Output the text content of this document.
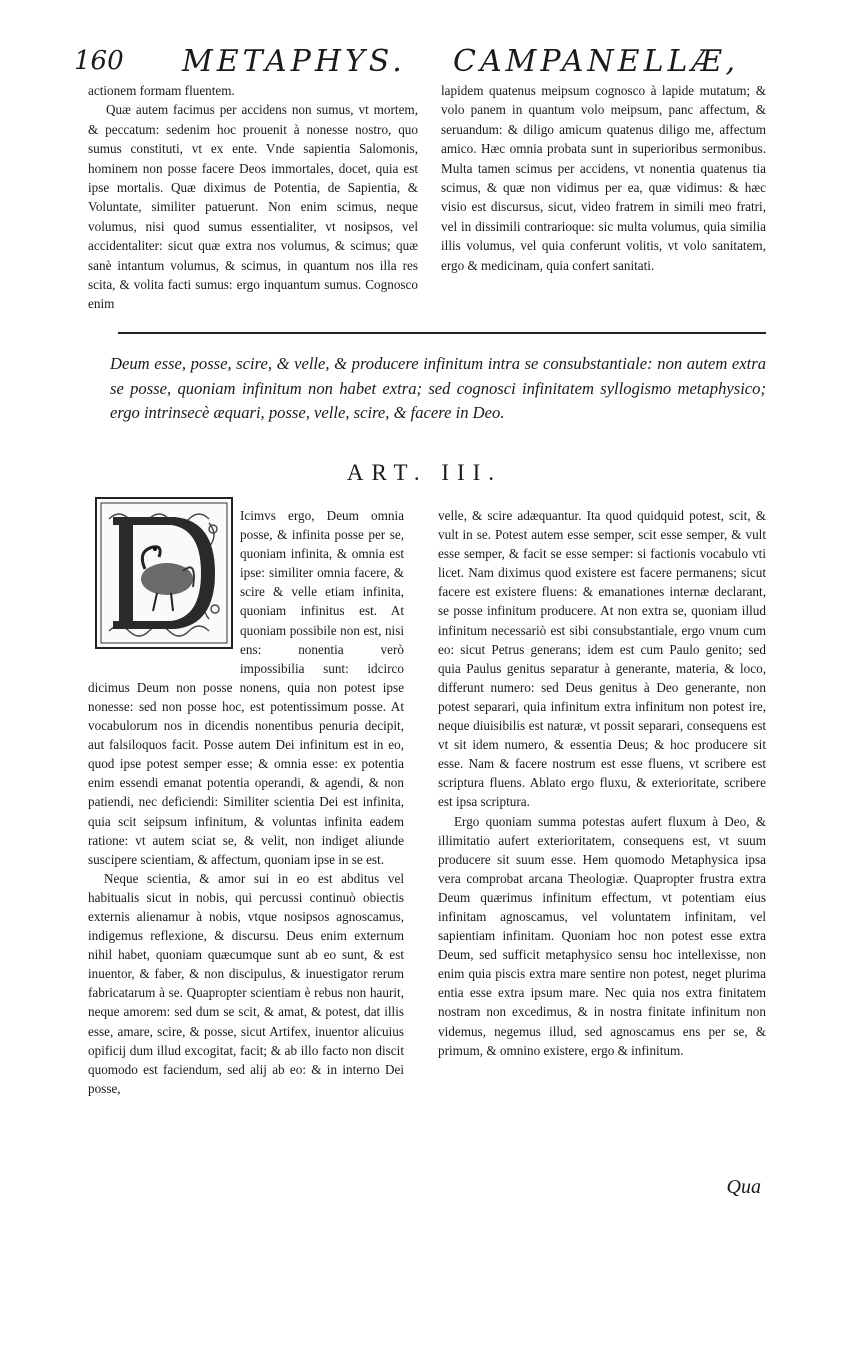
160 METAPHYS. CAMPANELLÆ,

actionem formam fluentem.

Quæ autem facimus per accidens non sumus, vt mortem, & peccatum: sedenim hoc prouenit à nonesse nostro, quo sumus constituti, vt ex ente. Vnde sapientia Salomonis, hominem non posse facere Deos immortales, docet, quia est ipse mortalis. Quæ diximus de Potentia, de Sapientia, & Voluntate, similiter patuerunt. Non enim scimus, neque volumus, nisi quod sumus essentialiter, vt nosipsos, vel accidentaliter: sicut quæ extra nos volumus, & scimus; quæ sanè intantum volumus, & scimus, in quantum nos illa res scita, & volita facti sumus: ergo inquantum sumus. Cognosco enim

lapidem quatenus meipsum cognosco à lapide mutatum; & volo panem in quantum volo meipsum, panc affectum, & seruandum: & diligo amicum quatenus diligo me, affectum amico. Hæc omnia probata sunt in superioribus sermonibus. Multa tamen scimus per accidens, vt nonentia quatenus tia scimus, & quæ non vidimus per ea, quæ vidimus: & hæc visio est discursus, sicut, video fratrem in simili meo fratri, vel in dissimili contrarioque: sic multa volumus, quia similia illis volumus, vel quia conferunt volitis, vt volo sanitatem, ergo & medicinam, quia confert sanitati.

Deum esse, posse, scire, & velle, & producere infinitum intra se consubstantiale: non autem extra se posse, quoniam infinitum non habet extra; sed cognosci infinitatem syllogismo metaphysico; ergo intrinsecè æquari, posse, velle, scire, & facere in Deo.
ART. III.

Icimvs ergo, Deum omnia posse, & infinita posse per se, quoniam infinita, & omnia est ipse: similiter omnia facere, & scire & velle etiam infinita, quoniam infinitus est. At quoniam possibile non est, nisi ens: nonentia verò impossibilia sunt: idcirco dicimus Deum non posse nonens, quia non potest ipse nonesse: sed non posse hoc, est potentissimum posse. At vocabulorum nos in dicendis nonentibus penuria decipit, aut falsiloquos facit. Posse autem Dei infinitum est in eo, quod ipse potest semper esse; & omnia esse: ex potentia enim essendi emanat potentia operandi, & agendi, & non patiendi, nec deficiendi: Similiter scientia Dei est infinita, quia scit seipsum infinitum, & voluntas infinita eadem ratione: vt autem sciat se, & velit, non indiget aliunde suscipere scientiam, & affectum, quoniam ipse in se est.

Neque scientia, & amor sui in eo est abditus vel habitualis sicut in nobis, qui percussi continuò obiectis externis alienamur à nobis, vtque nosipsos agnoscamus, indigemus reflexione, & discursu. Deus enim externum nihil habet, quoniam quæcumque sunt ab eo sunt, & est inuentor, & faber, & non discipulus, & inuestigator rerum fabricatarum à se. Quapropter scientiam è rebus non haurit, neque amorem: sed dum se scit, & amat, & potest, dat illis esse, amare, scire, & posse, sicut Artifex, inuentor alicuius opificij dum illud excogitat, facit; & ab illo facto non discit quomodo est faciendum, sed alij ab eo: & in interno Dei posse,

velle, & scire adæquantur. Ita quod quidquid potest, scit, & vult in se. Potest autem esse semper, scit esse semper, & vult esse semper, & facit se esse semper: si factionis vocabulo vti licet. Nam diximus quod existere est facere permanens; sicut facere est existere fluens: & emanationes internæ declarant, se posse infinitum producere. At non extra se, quoniam illud infinitum necessariò est sibi consubstantiale, ergo vnum cum eo: sicut Petrus generans; idem est cum Paulo genito; sed quia Paulus genitus separatur à generante, materia, & loco, differunt numero: sed Deus genitus à Deo generante, non potest separari, quia infinitum extra infinitum non potest ire, neque diuisibilis est naturæ, vt possit separari, consequens est vt sit idem numero, & essentia Deus; & hoc producere sit esse. Nam & facere nostrum est esse fluens, vt scribere est scriptura fluens. Ablato ergo fluxu, & exterioritate, scribere est ipsa scriptura.

Ergo quoniam summa potestas aufert fluxum à Deo, & illimitatio aufert exterioritatem, consequens est, vt suum producere sit suum esse. Hem quomodo Metaphysica ipsa vera comprobat arcana Theologiæ. Quapropter frustra extra Deum quærimus infinitum effectum, vt potentiam eius infinitam agnoscamus, vel voluntatem infinitam, vel sapientiam infinitam. Quoniam hoc non potest esse extra Deum, sed sufficit metaphysico sensu hoc intellexisse, non enim quia piscis extra mare sentire non potest, neget plurima entia esse extra ipsum mare. Nec quia nos extra finitatem nostram non excedimus, & in nostra finitate infinitum non videmus, negemus illud, sed agnoscamus ens per se, & primum, & omnino existere, ergo & infinitum.

Qua
